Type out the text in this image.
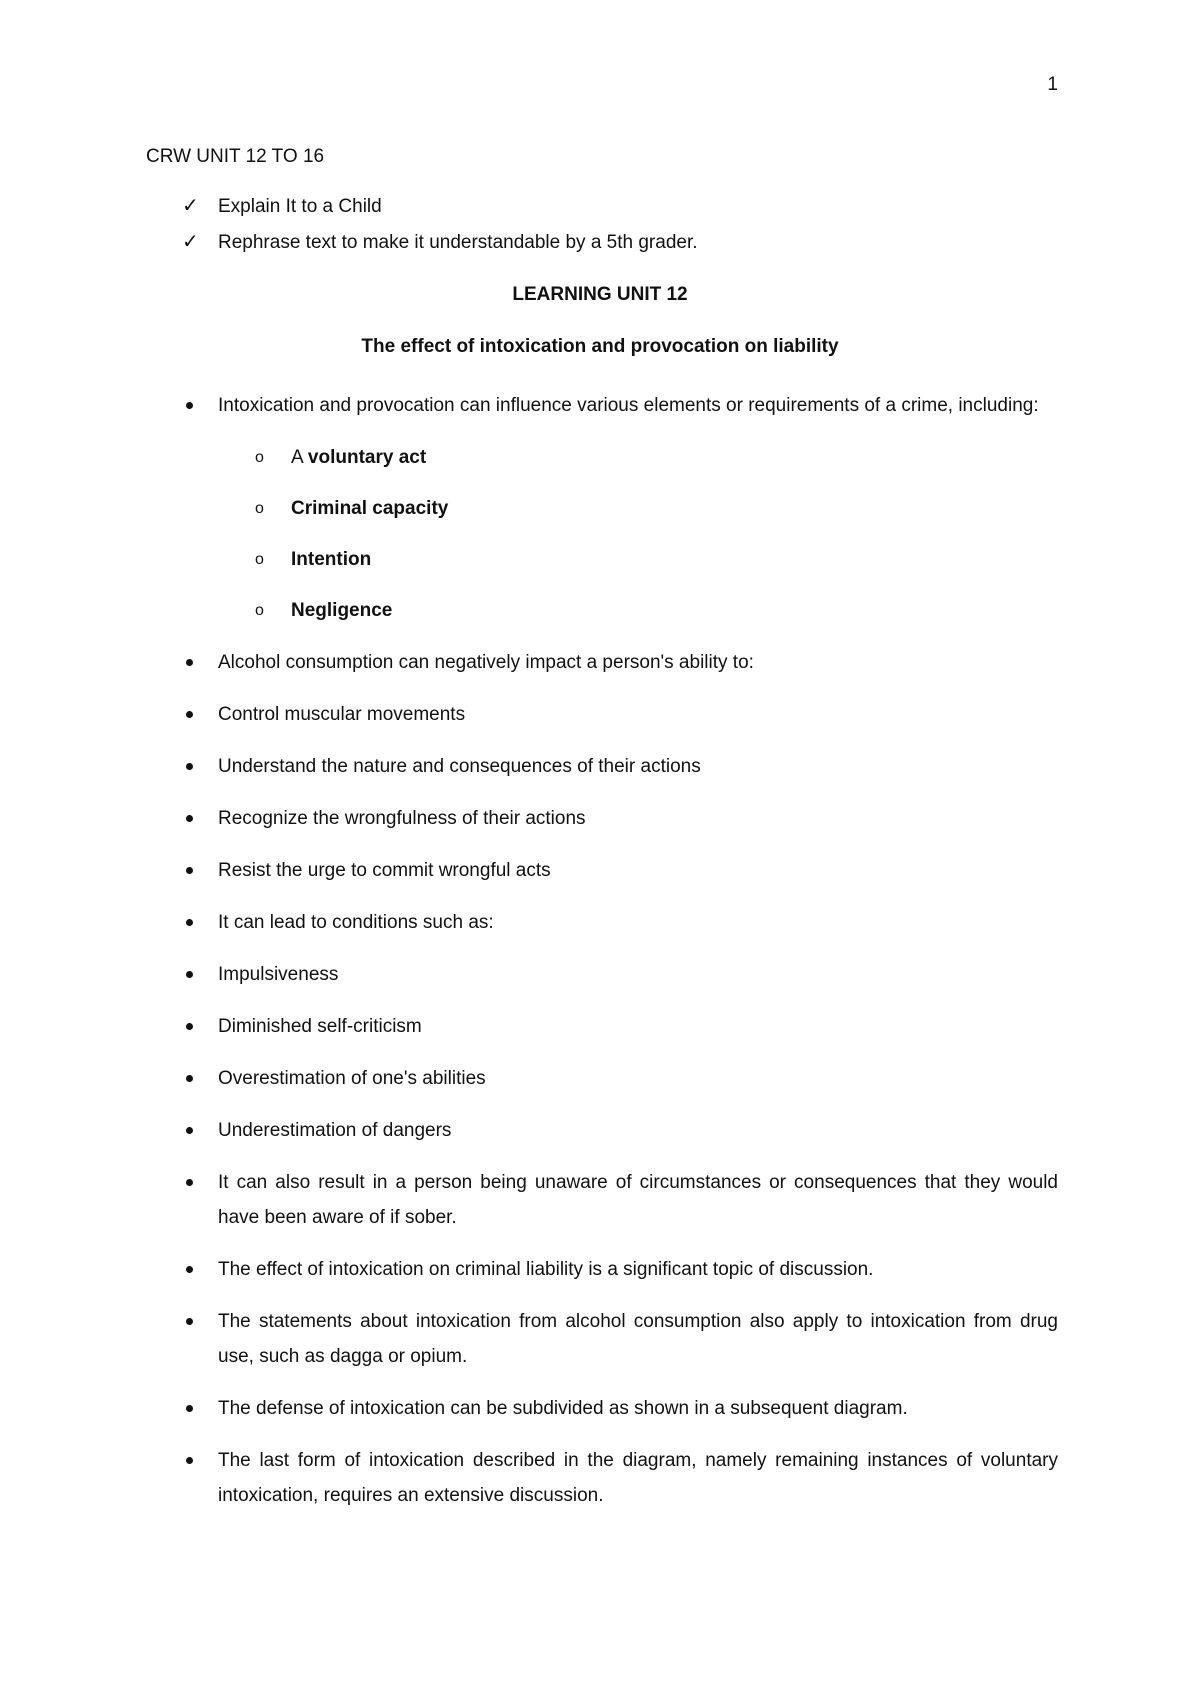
1
CRW UNIT 12 TO 16
✓ Explain It to a Child
✓ Rephrase text to make it understandable by a 5th grader.
LEARNING UNIT 12
The effect of intoxication and provocation on liability
Intoxication and provocation can influence various elements or requirements of a crime, including:
o A voluntary act
o Criminal capacity
o Intention
o Negligence
Alcohol consumption can negatively impact a person's ability to:
Control muscular movements
Understand the nature and consequences of their actions
Recognize the wrongfulness of their actions
Resist the urge to commit wrongful acts
It can lead to conditions such as:
Impulsiveness
Diminished self-criticism
Overestimation of one's abilities
Underestimation of dangers
It can also result in a person being unaware of circumstances or consequences that they would have been aware of if sober.
The effect of intoxication on criminal liability is a significant topic of discussion.
The statements about intoxication from alcohol consumption also apply to intoxication from drug use, such as dagga or opium.
The defense of intoxication can be subdivided as shown in a subsequent diagram.
The last form of intoxication described in the diagram, namely remaining instances of voluntary intoxication, requires an extensive discussion.
